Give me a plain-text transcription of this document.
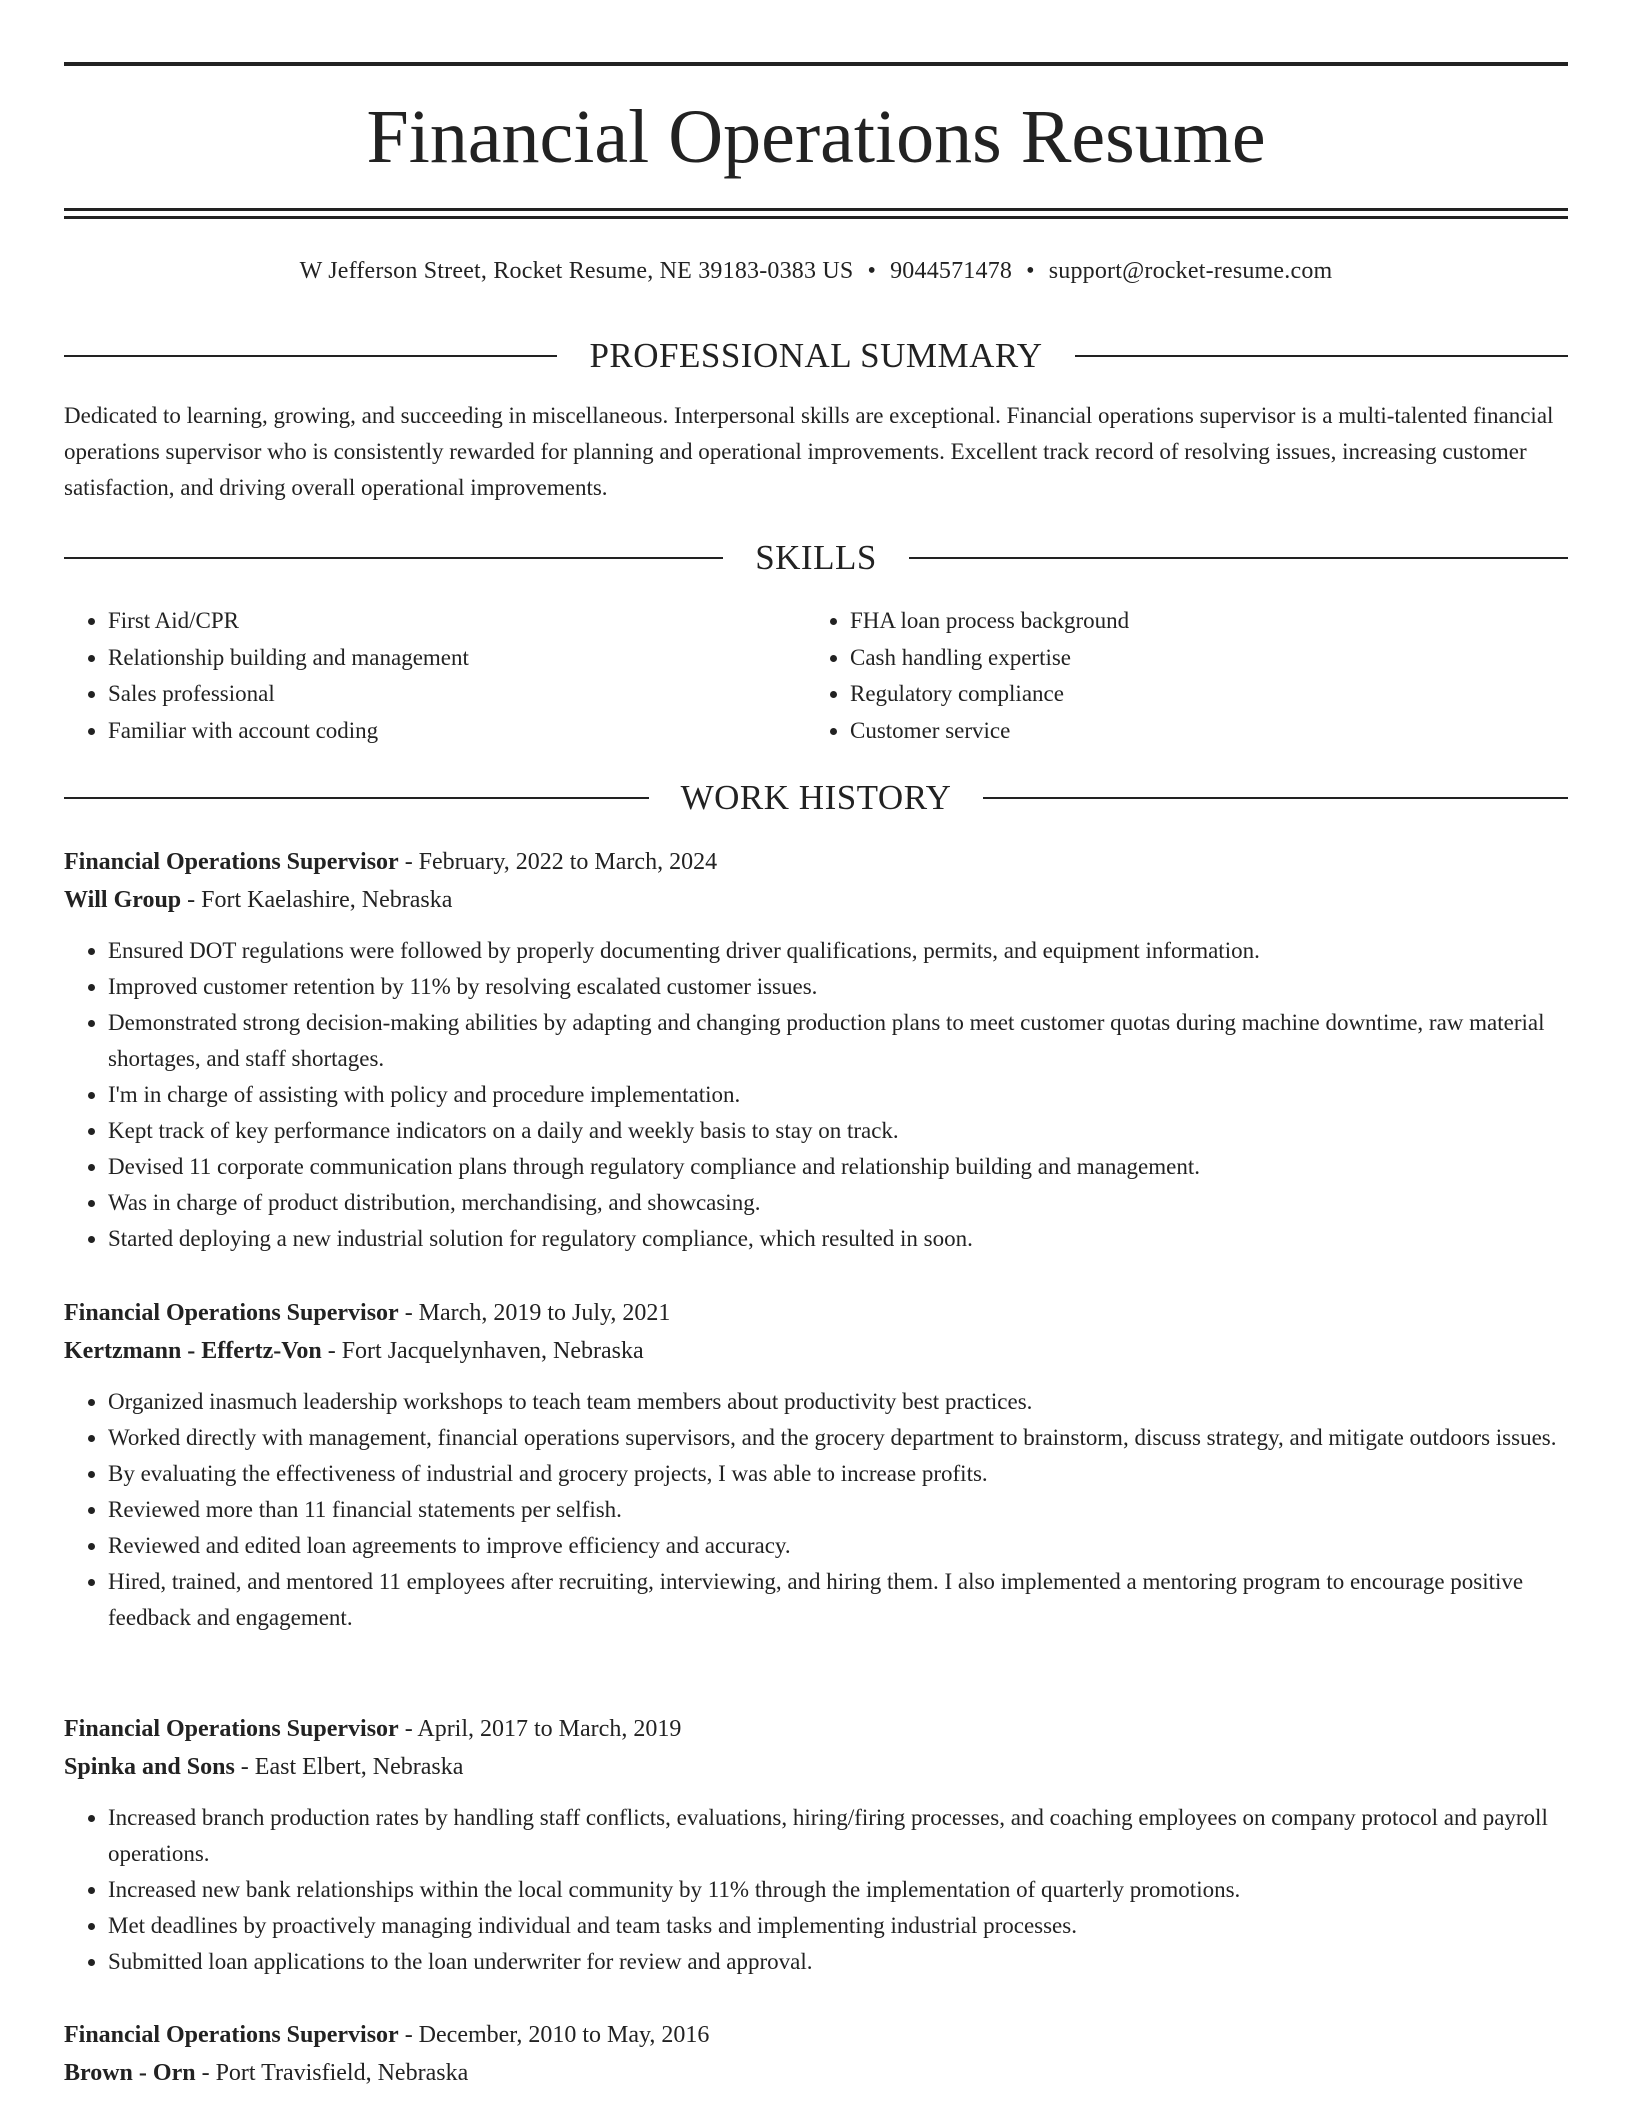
Financial Operations Resume
W Jefferson Street, Rocket Resume, NE 39183-0383 US • 9044571478 • support@rocket-resume.com
PROFESSIONAL SUMMARY

Dedicated to learning, growing, and succeeding in miscellaneous. Interpersonal skills are exceptional. Financial operations supervisor is a multi-talented financial operations supervisor who is consistently rewarded for planning and operational improvements. Excellent track record of resolving issues, increasing customer satisfaction, and driving overall operational improvements.

SKILLS
• First Aid/CPR
• Relationship building and management
• Sales professional
• Familiar with account coding
• FHA loan process background
• Cash handling expertise
• Regulatory compliance
• Customer service
WORK HISTORY

Financial Operations Supervisor - February, 2022 to March, 2024

Will Group - Fort Kaelashire, Nebraska

• Ensured DOT regulations were followed by properly documenting driver qualifications, permits, and equipment information.
• Improved customer retention by 11% by resolving escalated customer issues.
• Demonstrated strong decision-making abilities by adapting and changing production plans to meet customer quotas during machine downtime, raw material shortages, and staff shortages.
• I'm in charge of assisting with policy and procedure implementation.
• Kept track of key performance indicators on a daily and weekly basis to stay on track.
• Devised 11 corporate communication plans through regulatory compliance and relationship building and management.
• Was in charge of product distribution, merchandising, and showcasing.
• Started deploying a new industrial solution for regulatory compliance, which resulted in soon.

Financial Operations Supervisor - March, 2019 to July, 2021

Kertzmann - Effertz-Von - Fort Jacquelynhaven, Nebraska

• Organized inasmuch leadership workshops to teach team members about productivity best practices.
• Worked directly with management, financial operations supervisors, and the grocery department to brainstorm, discuss strategy, and mitigate outdoors issues.
• By evaluating the effectiveness of industrial and grocery projects, I was able to increase profits.
• Reviewed more than 11 financial statements per selfish.
• Reviewed and edited loan agreements to improve efficiency and accuracy.
• Hired, trained, and mentored 11 employees after recruiting, interviewing, and hiring them. I also implemented a mentoring program to encourage positive feedback and engagement.

Financial Operations Supervisor - April, 2017 to March, 2019

Spinka and Sons - East Elbert, Nebraska

• Increased branch production rates by handling staff conflicts, evaluations, hiring/firing processes, and coaching employees on company protocol and payroll operations.
• Increased new bank relationships within the local community by 11% through the implementation of quarterly promotions.
• Met deadlines by proactively managing individual and team tasks and implementing industrial processes.
• Submitted loan applications to the loan underwriter for review and approval.

Financial Operations Supervisor - December, 2010 to May, 2016

Brown - Orn - Port Travisfield, Nebraska
